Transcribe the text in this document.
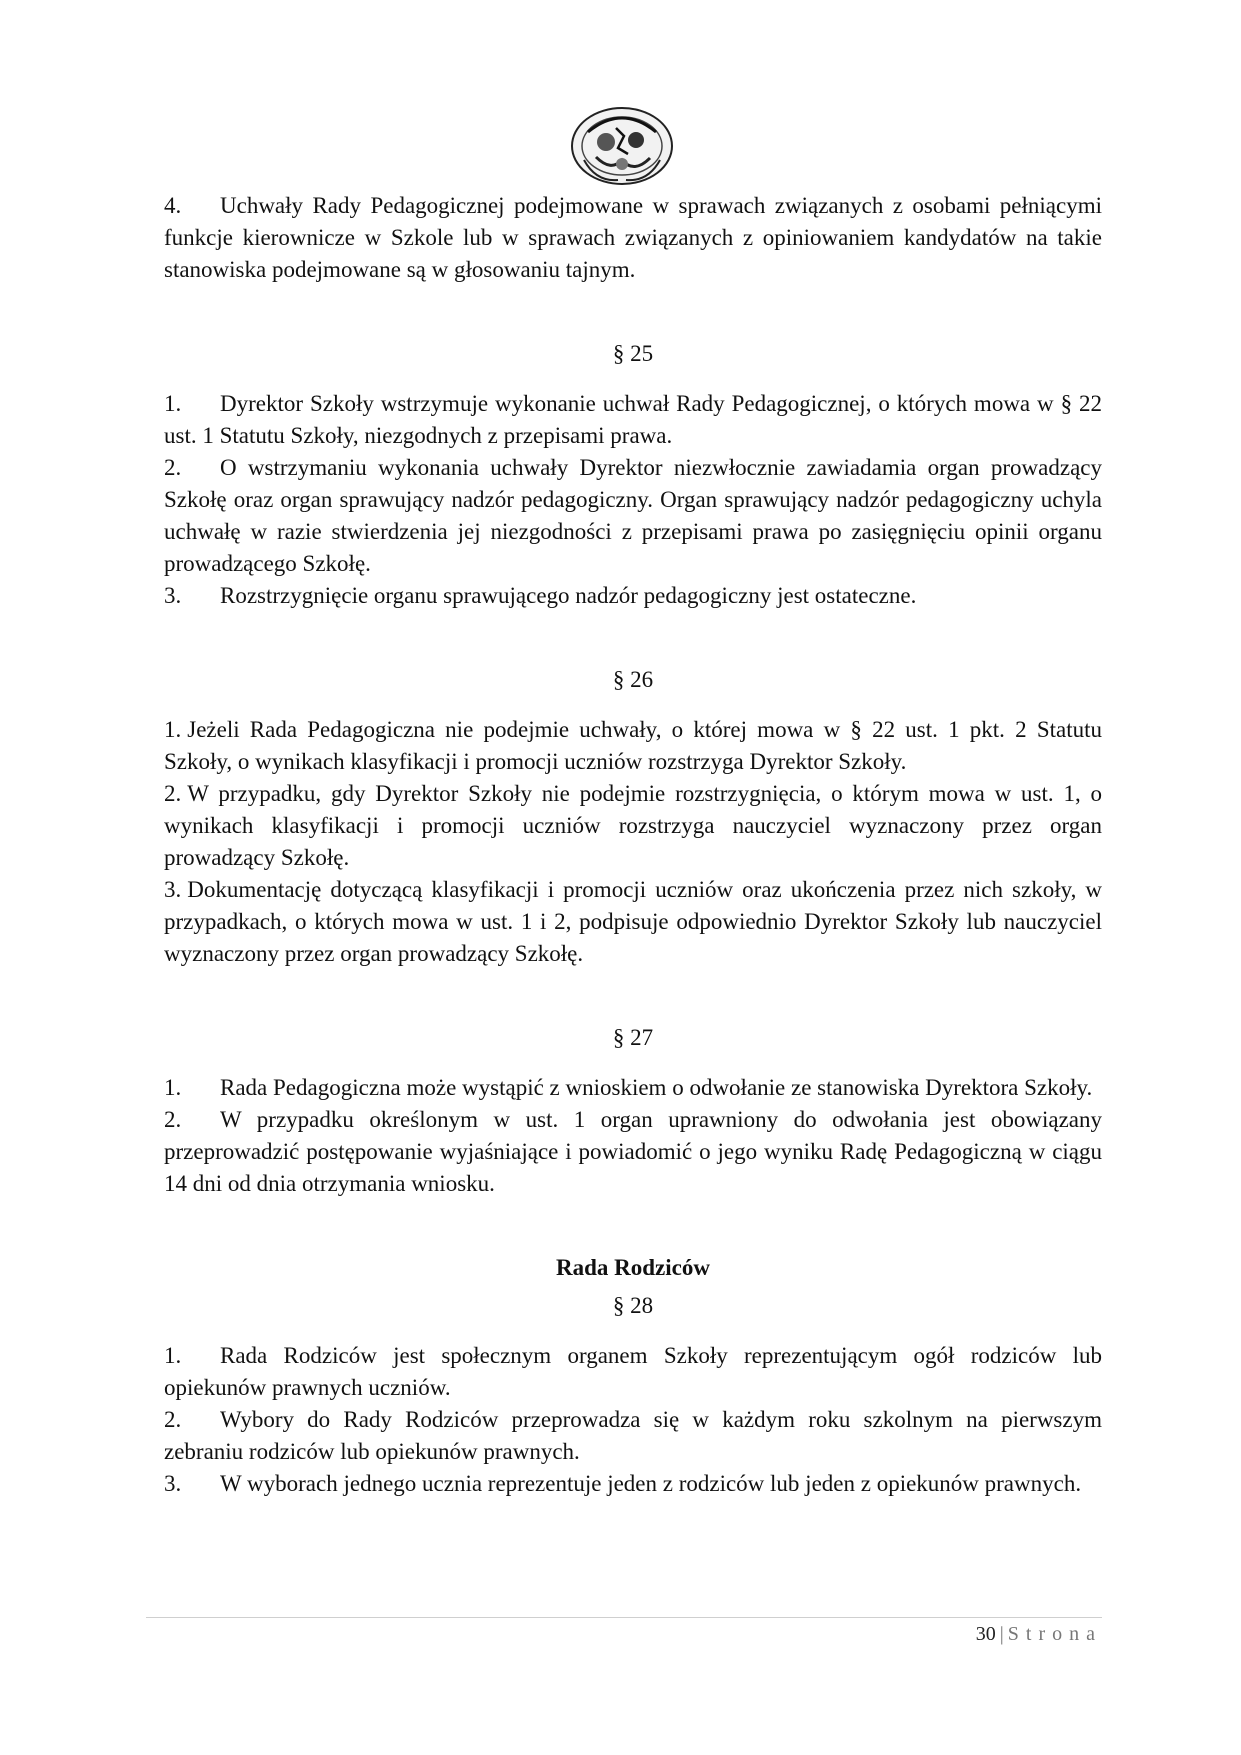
4. Uchwały Rady Pedagogicznej podejmowane w sprawach związanych z osobami pełniącymi funkcje kierownicze w Szkole lub w sprawach związanych z opiniowaniem kandydatów na takie stanowiska podejmowane są w głosowaniu tajnym.

§ 25

1. Dyrektor Szkoły wstrzymuje wykonanie uchwał Rady Pedagogicznej, o których mowa w § 22 ust. 1 Statutu Szkoły, niezgodnych z przepisami prawa.

2. O wstrzymaniu wykonania uchwały Dyrektor niezwłocznie zawiadamia organ prowadzący Szkołę oraz organ sprawujący nadzór pedagogiczny. Organ sprawujący nadzór pedagogiczny uchyla uchwałę w razie stwierdzenia jej niezgodności z przepisami prawa po zasięgnięciu opinii organu prowadzącego Szkołę.

3. Rozstrzygnięcie organu sprawującego nadzór pedagogiczny jest ostateczne.

§ 26

1. Jeżeli Rada Pedagogiczna nie podejmie uchwały, o której mowa w § 22 ust. 1 pkt. 2 Statutu Szkoły, o wynikach klasyfikacji i promocji uczniów rozstrzyga Dyrektor Szkoły.

2. W przypadku, gdy Dyrektor Szkoły nie podejmie rozstrzygnięcia, o którym mowa w ust. 1, o wynikach klasyfikacji i promocji uczniów rozstrzyga nauczyciel wyznaczony przez organ prowadzący Szkołę.

3. Dokumentację dotyczącą klasyfikacji i promocji uczniów oraz ukończenia przez nich szkoły, w przypadkach, o których mowa w ust. 1 i 2, podpisuje odpowiednio Dyrektor Szkoły lub nauczyciel wyznaczony przez organ prowadzący Szkołę.

§ 27

1. Rada Pedagogiczna może wystąpić z wnioskiem o odwołanie ze stanowiska Dyrektora Szkoły.

2. W przypadku określonym w ust. 1 organ uprawniony do odwołania jest obowiązany przeprowadzić postępowanie wyjaśniające i powiadomić o jego wyniku Radę Pedagogiczną w ciągu 14 dni od dnia otrzymania wniosku.

Rada Rodziców

§ 28

1. Rada Rodziców jest społecznym organem Szkoły reprezentującym ogół rodziców lub opiekunów prawnych uczniów.

2. Wybory do Rady Rodziców przeprowadza się w każdym roku szkolnym na pierwszym zebraniu rodziców lub opiekunów prawnych.

3. W wyborach jednego ucznia reprezentuje jeden z rodziców lub jeden z opiekunów prawnych.

30 | Strona
